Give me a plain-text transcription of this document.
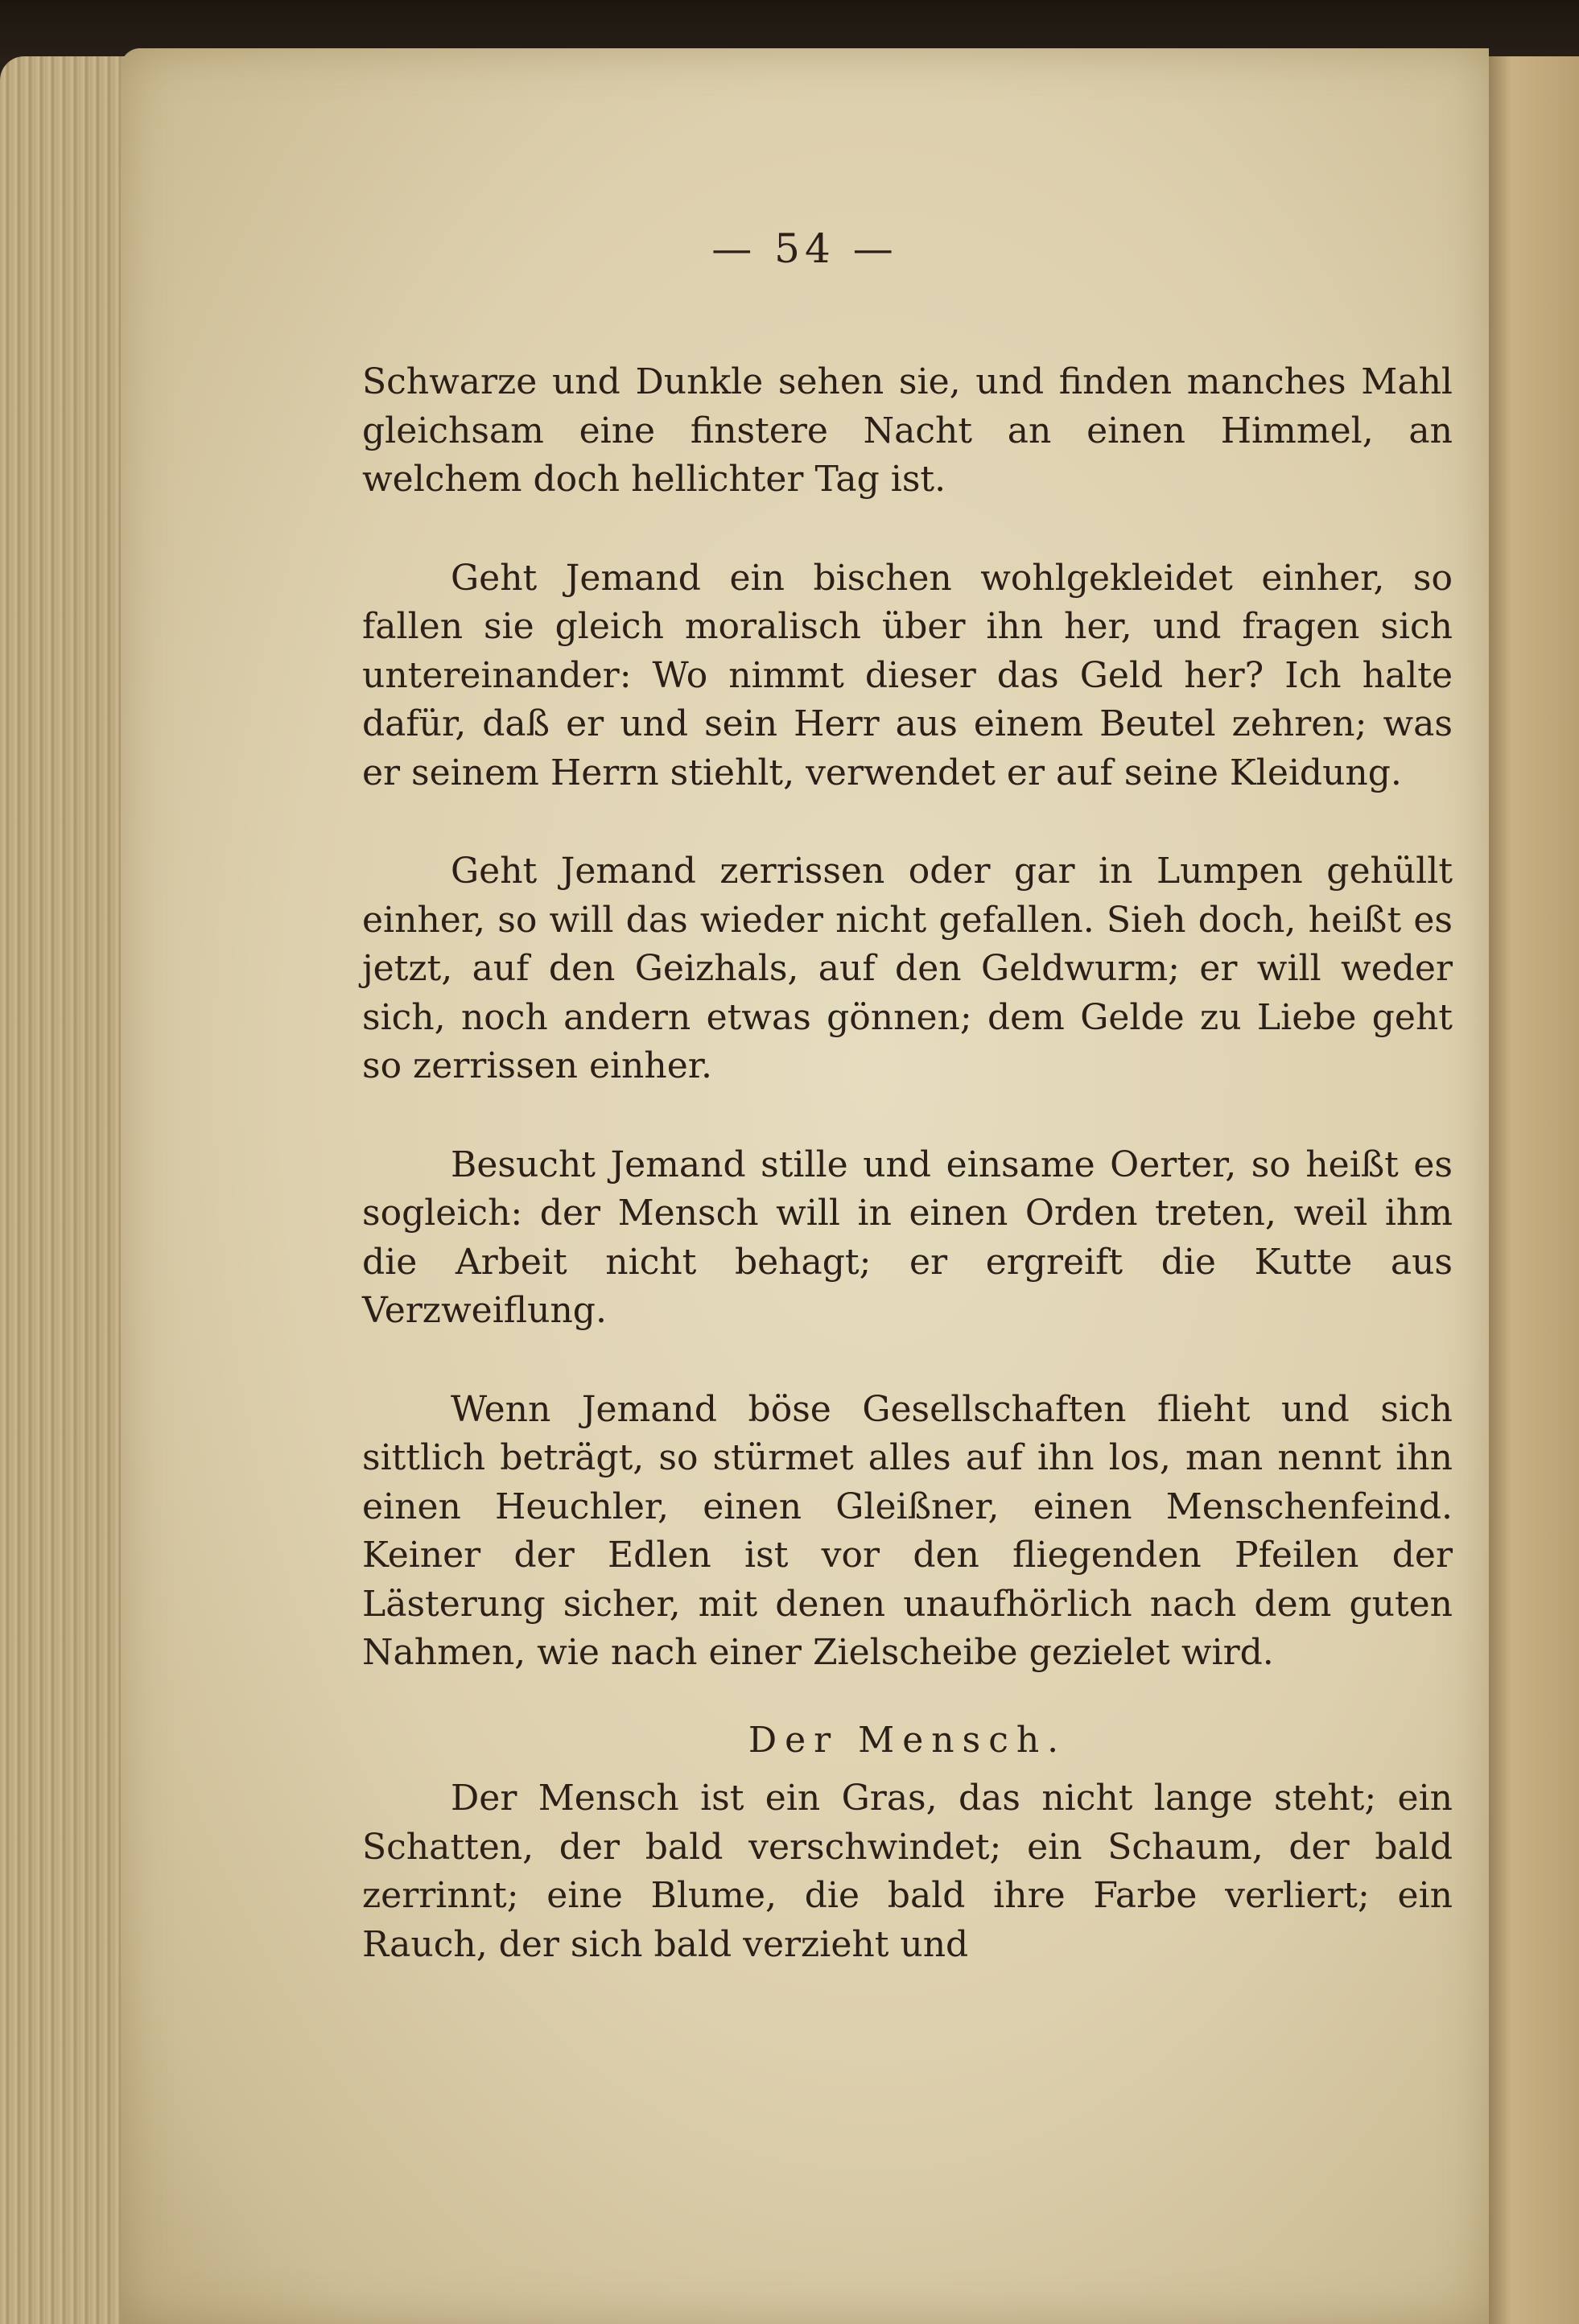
— 54 —

Schwarze und Dunkle sehen sie, und finden manches Mahl gleichsam eine finstere Nacht an einen Himmel, an welchem doch hellichter Tag ist.

Geht Jemand ein bischen wohlgekleidet einher, so fallen sie gleich moralisch über ihn her, und fragen sich untereinander: Wo nimmt dieser das Geld her? Ich halte dafür, daß er und sein Herr aus einem Beutel zehren; was er seinem Herrn stiehlt, verwendet er auf seine Kleidung.

Geht Jemand zerrissen oder gar in Lumpen gehüllt einher, so will das wieder nicht gefallen. Sieh doch, heißt es jetzt, auf den Geizhals, auf den Geldwurm; er will weder sich, noch andern etwas gönnen; dem Gelde zu Liebe geht so zerrissen einher.

Besucht Jemand stille und einsame Oerter, so heißt es sogleich: der Mensch will in einen Orden treten, weil ihm die Arbeit nicht behagt; er ergreift die Kutte aus Verzweiflung.

Wenn Jemand böse Gesellschaften flieht und sich sittlich beträgt, so stürmet alles auf ihn los, man nennt ihn einen Heuchler, einen Gleißner, einen Menschenfeind. Keiner der Edlen ist vor den fliegenden Pfeilen der Lästerung sicher, mit denen unaufhörlich nach dem guten Nahmen, wie nach einer Zielscheibe gezielet wird.

Der Mensch.

Der Mensch ist ein Gras, das nicht lange steht; ein Schatten, der bald verschwindet; ein Schaum, der bald zerrinnt; eine Blume, die bald ihre Farbe verliert; ein Rauch, der sich bald verzieht und
